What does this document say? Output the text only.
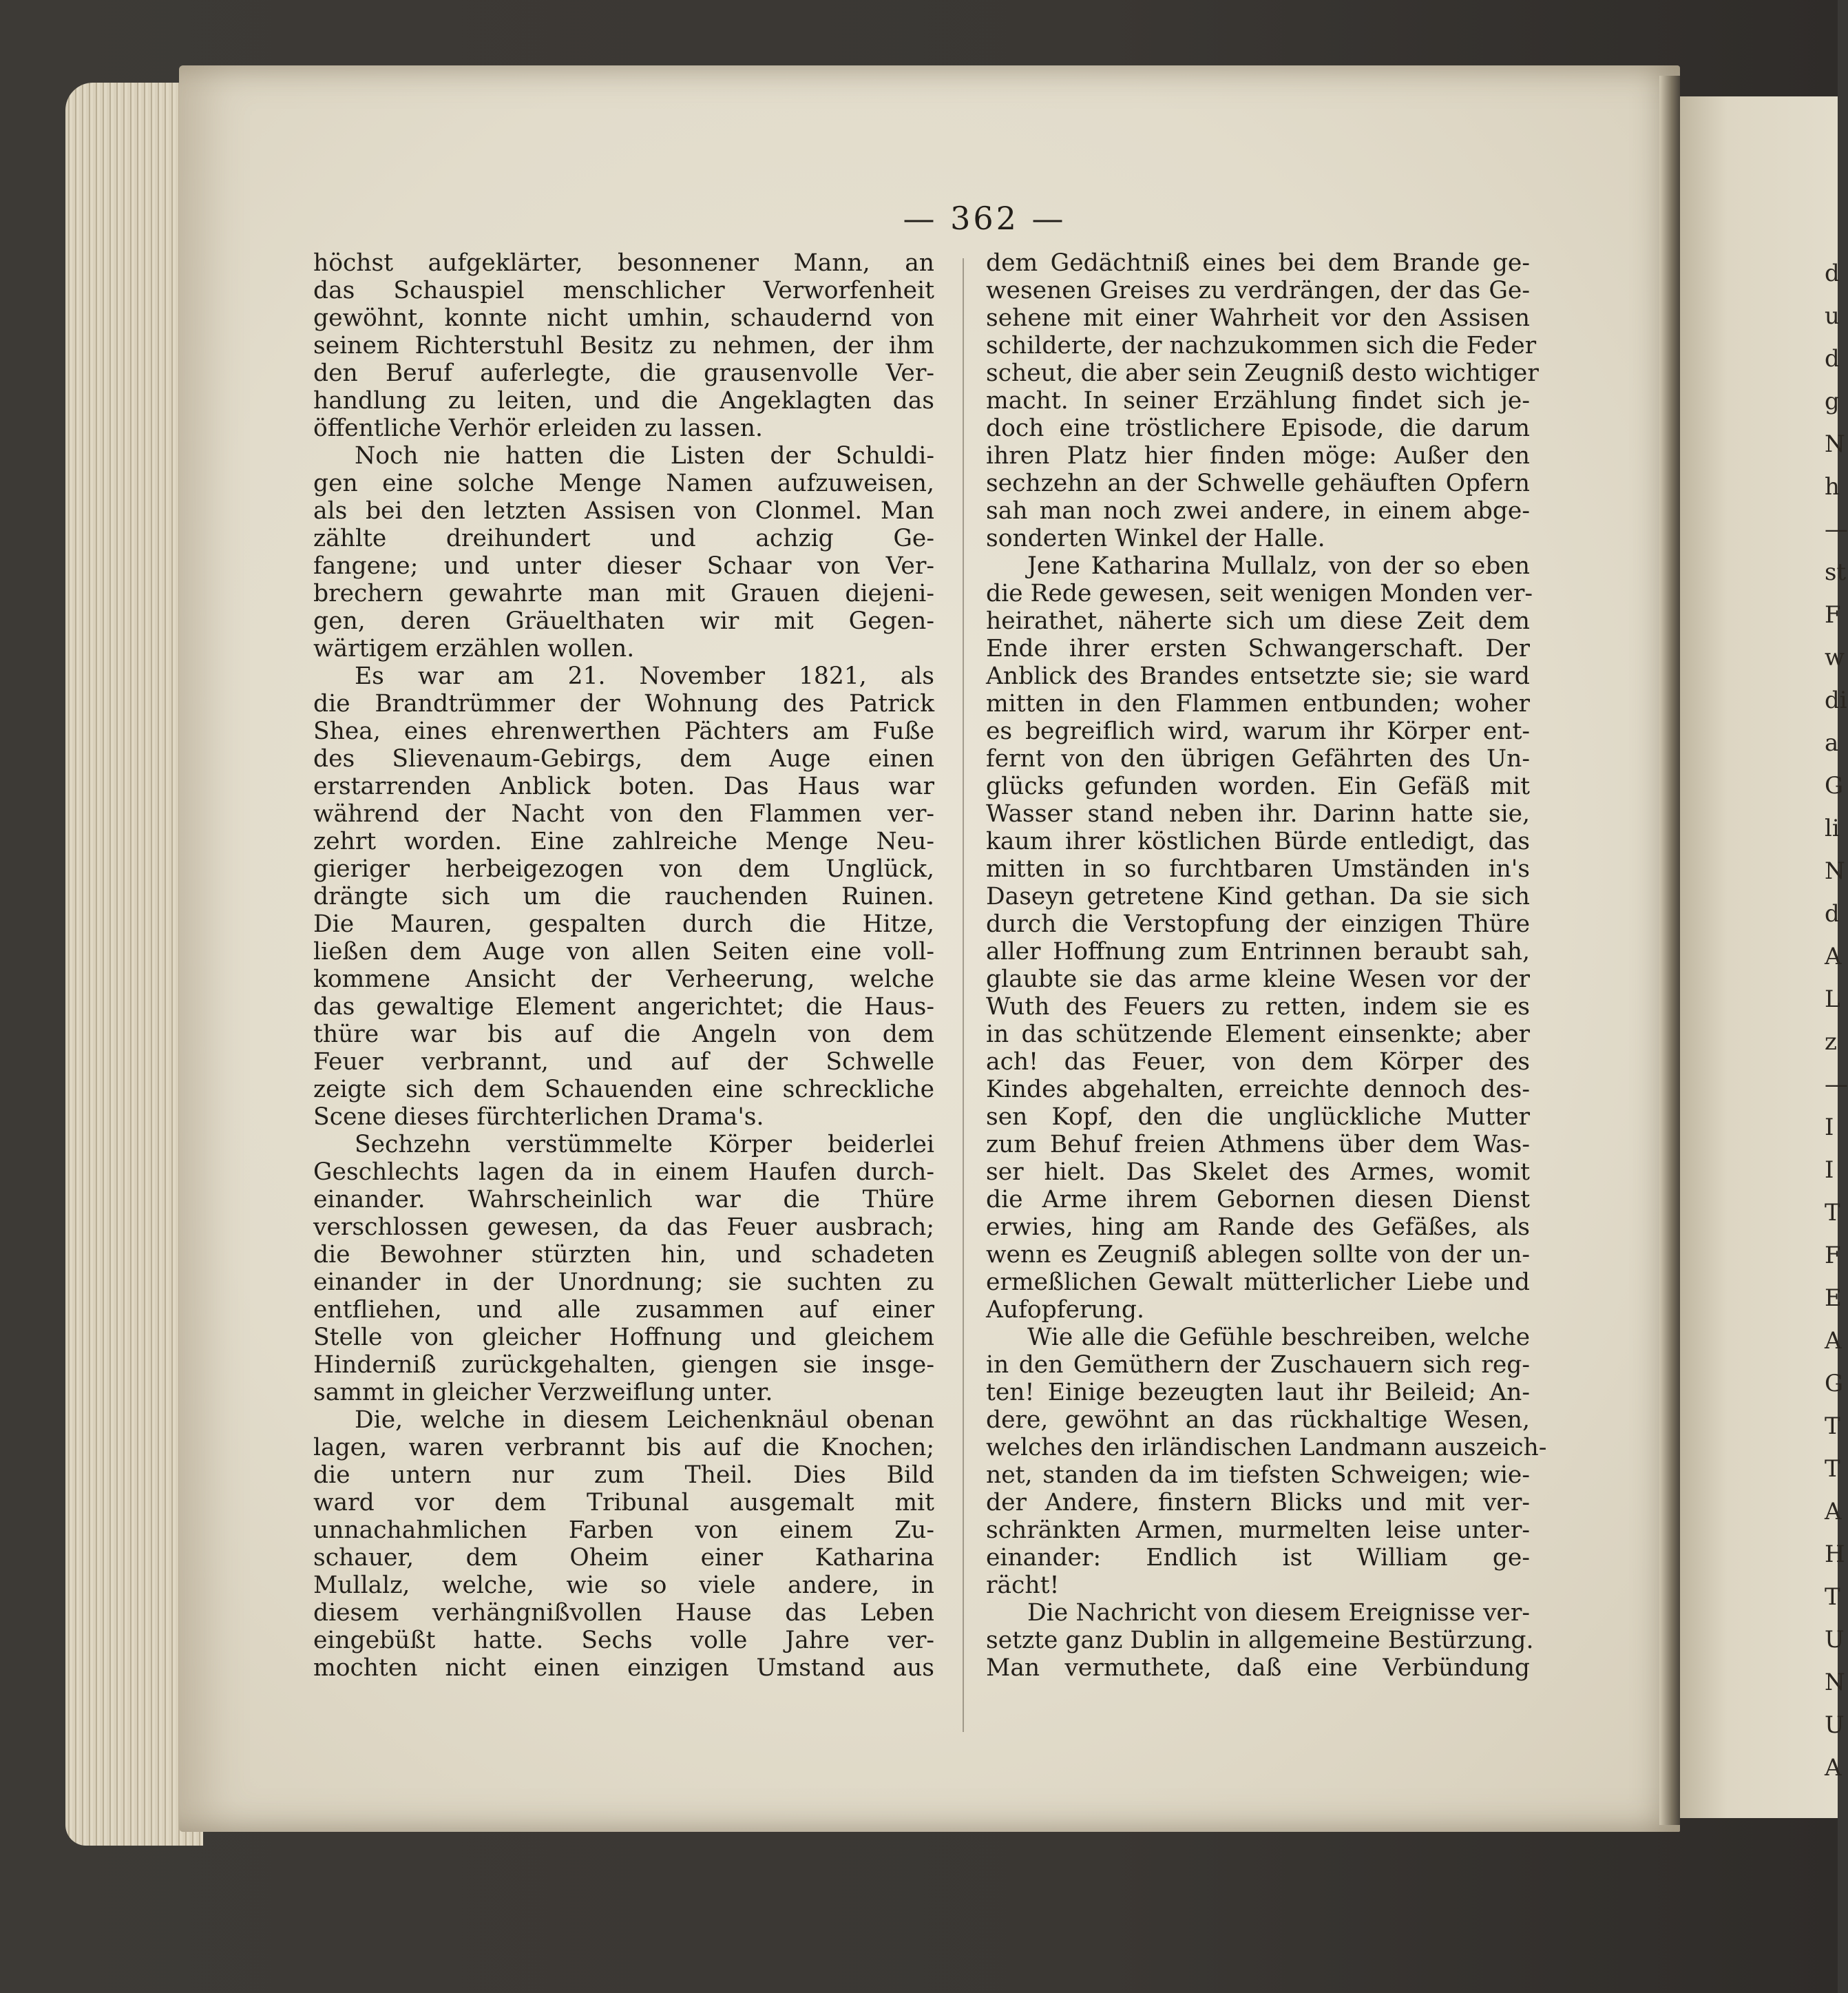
d
u
d
g
N
h
—
st
F
w
di
a
G
li
N
d
A
L
z
—
I
I
T
F
E
A
G
T
T
A
H
T
U
N
U
A
— 362 —
höchst aufgeklärter, besonnener Mann, an
das Schauspiel menschlicher Verworfenheit
gewöhnt, konnte nicht umhin, schaudernd von
seinem Richterstuhl Besitz zu nehmen, der ihm
den Beruf auferlegte, die grausenvolle Ver-
handlung zu leiten, und die Angeklagten das
öffentliche Verhör erleiden zu lassen.
Noch nie hatten die Listen der Schuldi-
gen eine solche Menge Namen aufzuweisen,
als bei den letzten Assisen von Clonmel. Man
zählte dreihundert und achzig Ge-
fangene; und unter dieser Schaar von Ver-
brechern gewahrte man mit Grauen diejeni-
gen, deren Gräuelthaten wir mit Gegen-
wärtigem erzählen wollen.
Es war am 21. November 1821, als
die Brandtrümmer der Wohnung des Patrick
Shea, eines ehrenwerthen Pächters am Fuße
des Slievenaum-Gebirgs, dem Auge einen
erstarrenden Anblick boten. Das Haus war
während der Nacht von den Flammen ver-
zehrt worden. Eine zahlreiche Menge Neu-
gieriger herbeigezogen von dem Unglück,
drängte sich um die rauchenden Ruinen.
Die Mauren, gespalten durch die Hitze,
ließen dem Auge von allen Seiten eine voll-
kommene Ansicht der Verheerung, welche
das gewaltige Element angerichtet; die Haus-
thüre war bis auf die Angeln von dem
Feuer verbrannt, und auf der Schwelle
zeigte sich dem Schauenden eine schreckliche
Scene dieses fürchterlichen Drama's.
Sechzehn verstümmelte Körper beiderlei
Geschlechts lagen da in einem Haufen durch-
einander. Wahrscheinlich war die Thüre
verschlossen gewesen, da das Feuer ausbrach;
die Bewohner stürzten hin, und schadeten
einander in der Unordnung; sie suchten zu
entfliehen, und alle zusammen auf einer
Stelle von gleicher Hoffnung und gleichem
Hinderniß zurückgehalten, giengen sie insge-
sammt in gleicher Verzweiflung unter.
Die, welche in diesem Leichenknäul obenan
lagen, waren verbrannt bis auf die Knochen;
die untern nur zum Theil. Dies Bild
ward vor dem Tribunal ausgemalt mit
unnachahmlichen Farben von einem Zu-
schauer, dem Oheim einer Katharina
Mullalz, welche, wie so viele andere, in
diesem verhängnißvollen Hause das Leben
eingebüßt hatte. Sechs volle Jahre ver-
mochten nicht einen einzigen Umstand aus
dem Gedächtniß eines bei dem Brande ge-
wesenen Greises zu verdrängen, der das Ge-
sehene mit einer Wahrheit vor den Assisen
schilderte, der nachzukommen sich die Feder
scheut, die aber sein Zeugniß desto wichtiger
macht. In seiner Erzählung findet sich je-
doch eine tröstlichere Episode, die darum
ihren Platz hier finden möge: Außer den
sechzehn an der Schwelle gehäuften Opfern
sah man noch zwei andere, in einem abge-
sonderten Winkel der Halle.
Jene Katharina Mullalz, von der so eben
die Rede gewesen, seit wenigen Monden ver-
heirathet, näherte sich um diese Zeit dem
Ende ihrer ersten Schwangerschaft. Der
Anblick des Brandes entsetzte sie; sie ward
mitten in den Flammen entbunden; woher
es begreiflich wird, warum ihr Körper ent-
fernt von den übrigen Gefährten des Un-
glücks gefunden worden. Ein Gefäß mit
Wasser stand neben ihr. Darinn hatte sie,
kaum ihrer köstlichen Bürde entledigt, das
mitten in so furchtbaren Umständen in's
Daseyn getretene Kind gethan. Da sie sich
durch die Verstopfung der einzigen Thüre
aller Hoffnung zum Entrinnen beraubt sah,
glaubte sie das arme kleine Wesen vor der
Wuth des Feuers zu retten, indem sie es
in das schützende Element einsenkte; aber
ach! das Feuer, von dem Körper des
Kindes abgehalten, erreichte dennoch des-
sen Kopf, den die unglückliche Mutter
zum Behuf freien Athmens über dem Was-
ser hielt. Das Skelet des Armes, womit
die Arme ihrem Gebornen diesen Dienst
erwies, hing am Rande des Gefäßes, als
wenn es Zeugniß ablegen sollte von der un-
ermeßlichen Gewalt mütterlicher Liebe und
Aufopferung.
Wie alle die Gefühle beschreiben, welche
in den Gemüthern der Zuschauern sich reg-
ten! Einige bezeugten laut ihr Beileid; An-
dere, gewöhnt an das rückhaltige Wesen,
welches den irländischen Landmann auszeich-
net, standen da im tiefsten Schweigen; wie-
der Andere, finstern Blicks und mit ver-
schränkten Armen, murmelten leise unter-
einander: Endlich ist William ge-
rächt!
Die Nachricht von diesem Ereignisse ver-
setzte ganz Dublin in allgemeine Bestürzung.
Man vermuthete, daß eine Verbündung
